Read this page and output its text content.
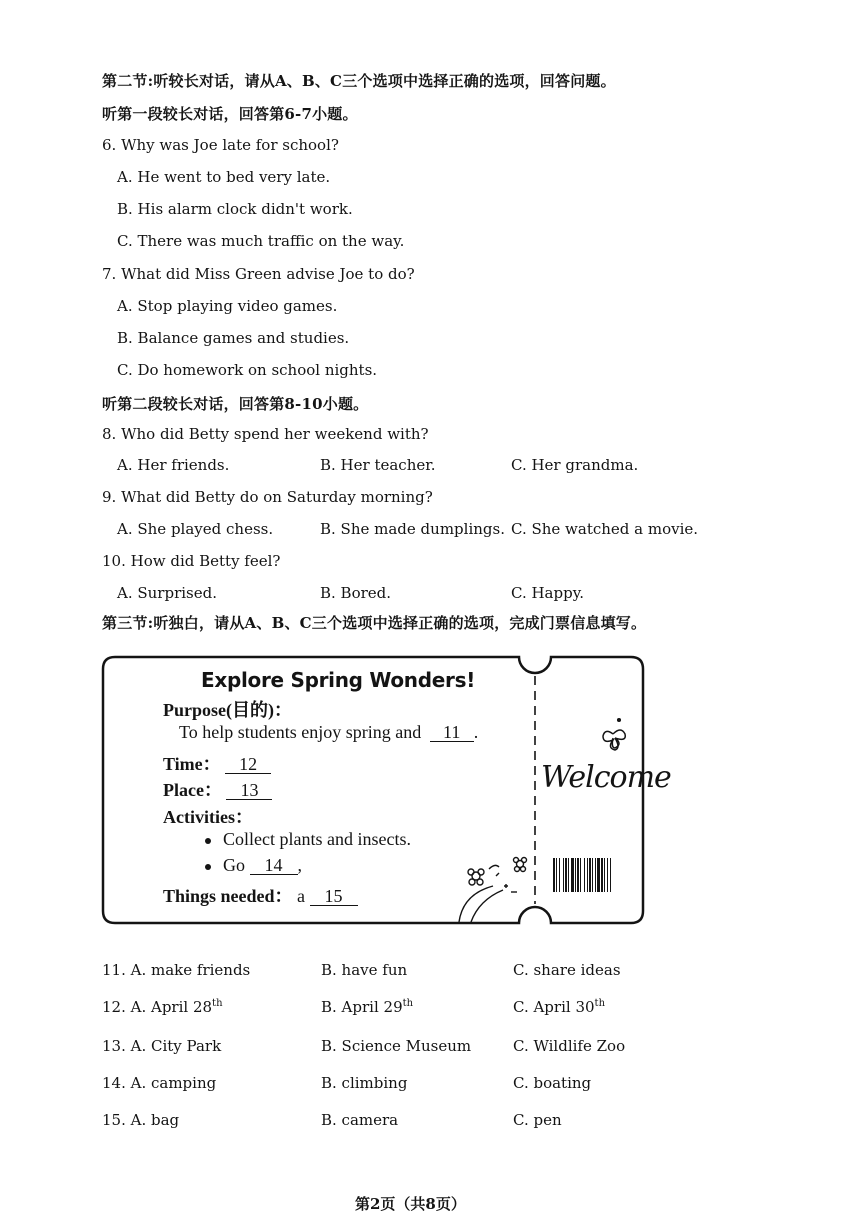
第二节:听较长对话，请从A、B、C三个选项中选择正确的选项，回答问题。
听第一段较长对话，回答第6-7小题。
6. Why was Joe late for school?
A. He went to bed very late.
B. His alarm clock didn't work.
C. There was much traffic on the way.
7. What did Miss Green advise Joe to do?
A. Stop playing video games.
B. Balance games and studies.
C. Do homework on school nights.
听第二段较长对话，回答第8-10小题。
8. Who did Betty spend her weekend with?
A. Her friends.	B. Her teacher.	C. Her grandma.
9. What did Betty do on Saturday morning?
A. She played chess.	B. She made dumplings. C. She watched a movie.
10. How did Betty feel?
A. Surprised.	B. Bored.	C. Happy.
第三节:听独白，请从A、B、C三个选项中选择正确的选项，完成门票信息填写。
Explore Spring Wonders!
Purpose(目的)：
To help students enjoy spring and 11 .
Time： 12
Place： 13
Activities：
Collect plants and insects.
Go 14 ,
Things needed： a 15
Welcome
11. A. make friends	B. have fun	C. share ideas
12. A. April 28th	B. April 29th	C. April 30th
13. A. City Park	B. Science Museum	C. Wildlife Zoo
14. A. camping	B. climbing	C. boating
15. A. bag	B. camera	C. pen
第2页（共8页）
